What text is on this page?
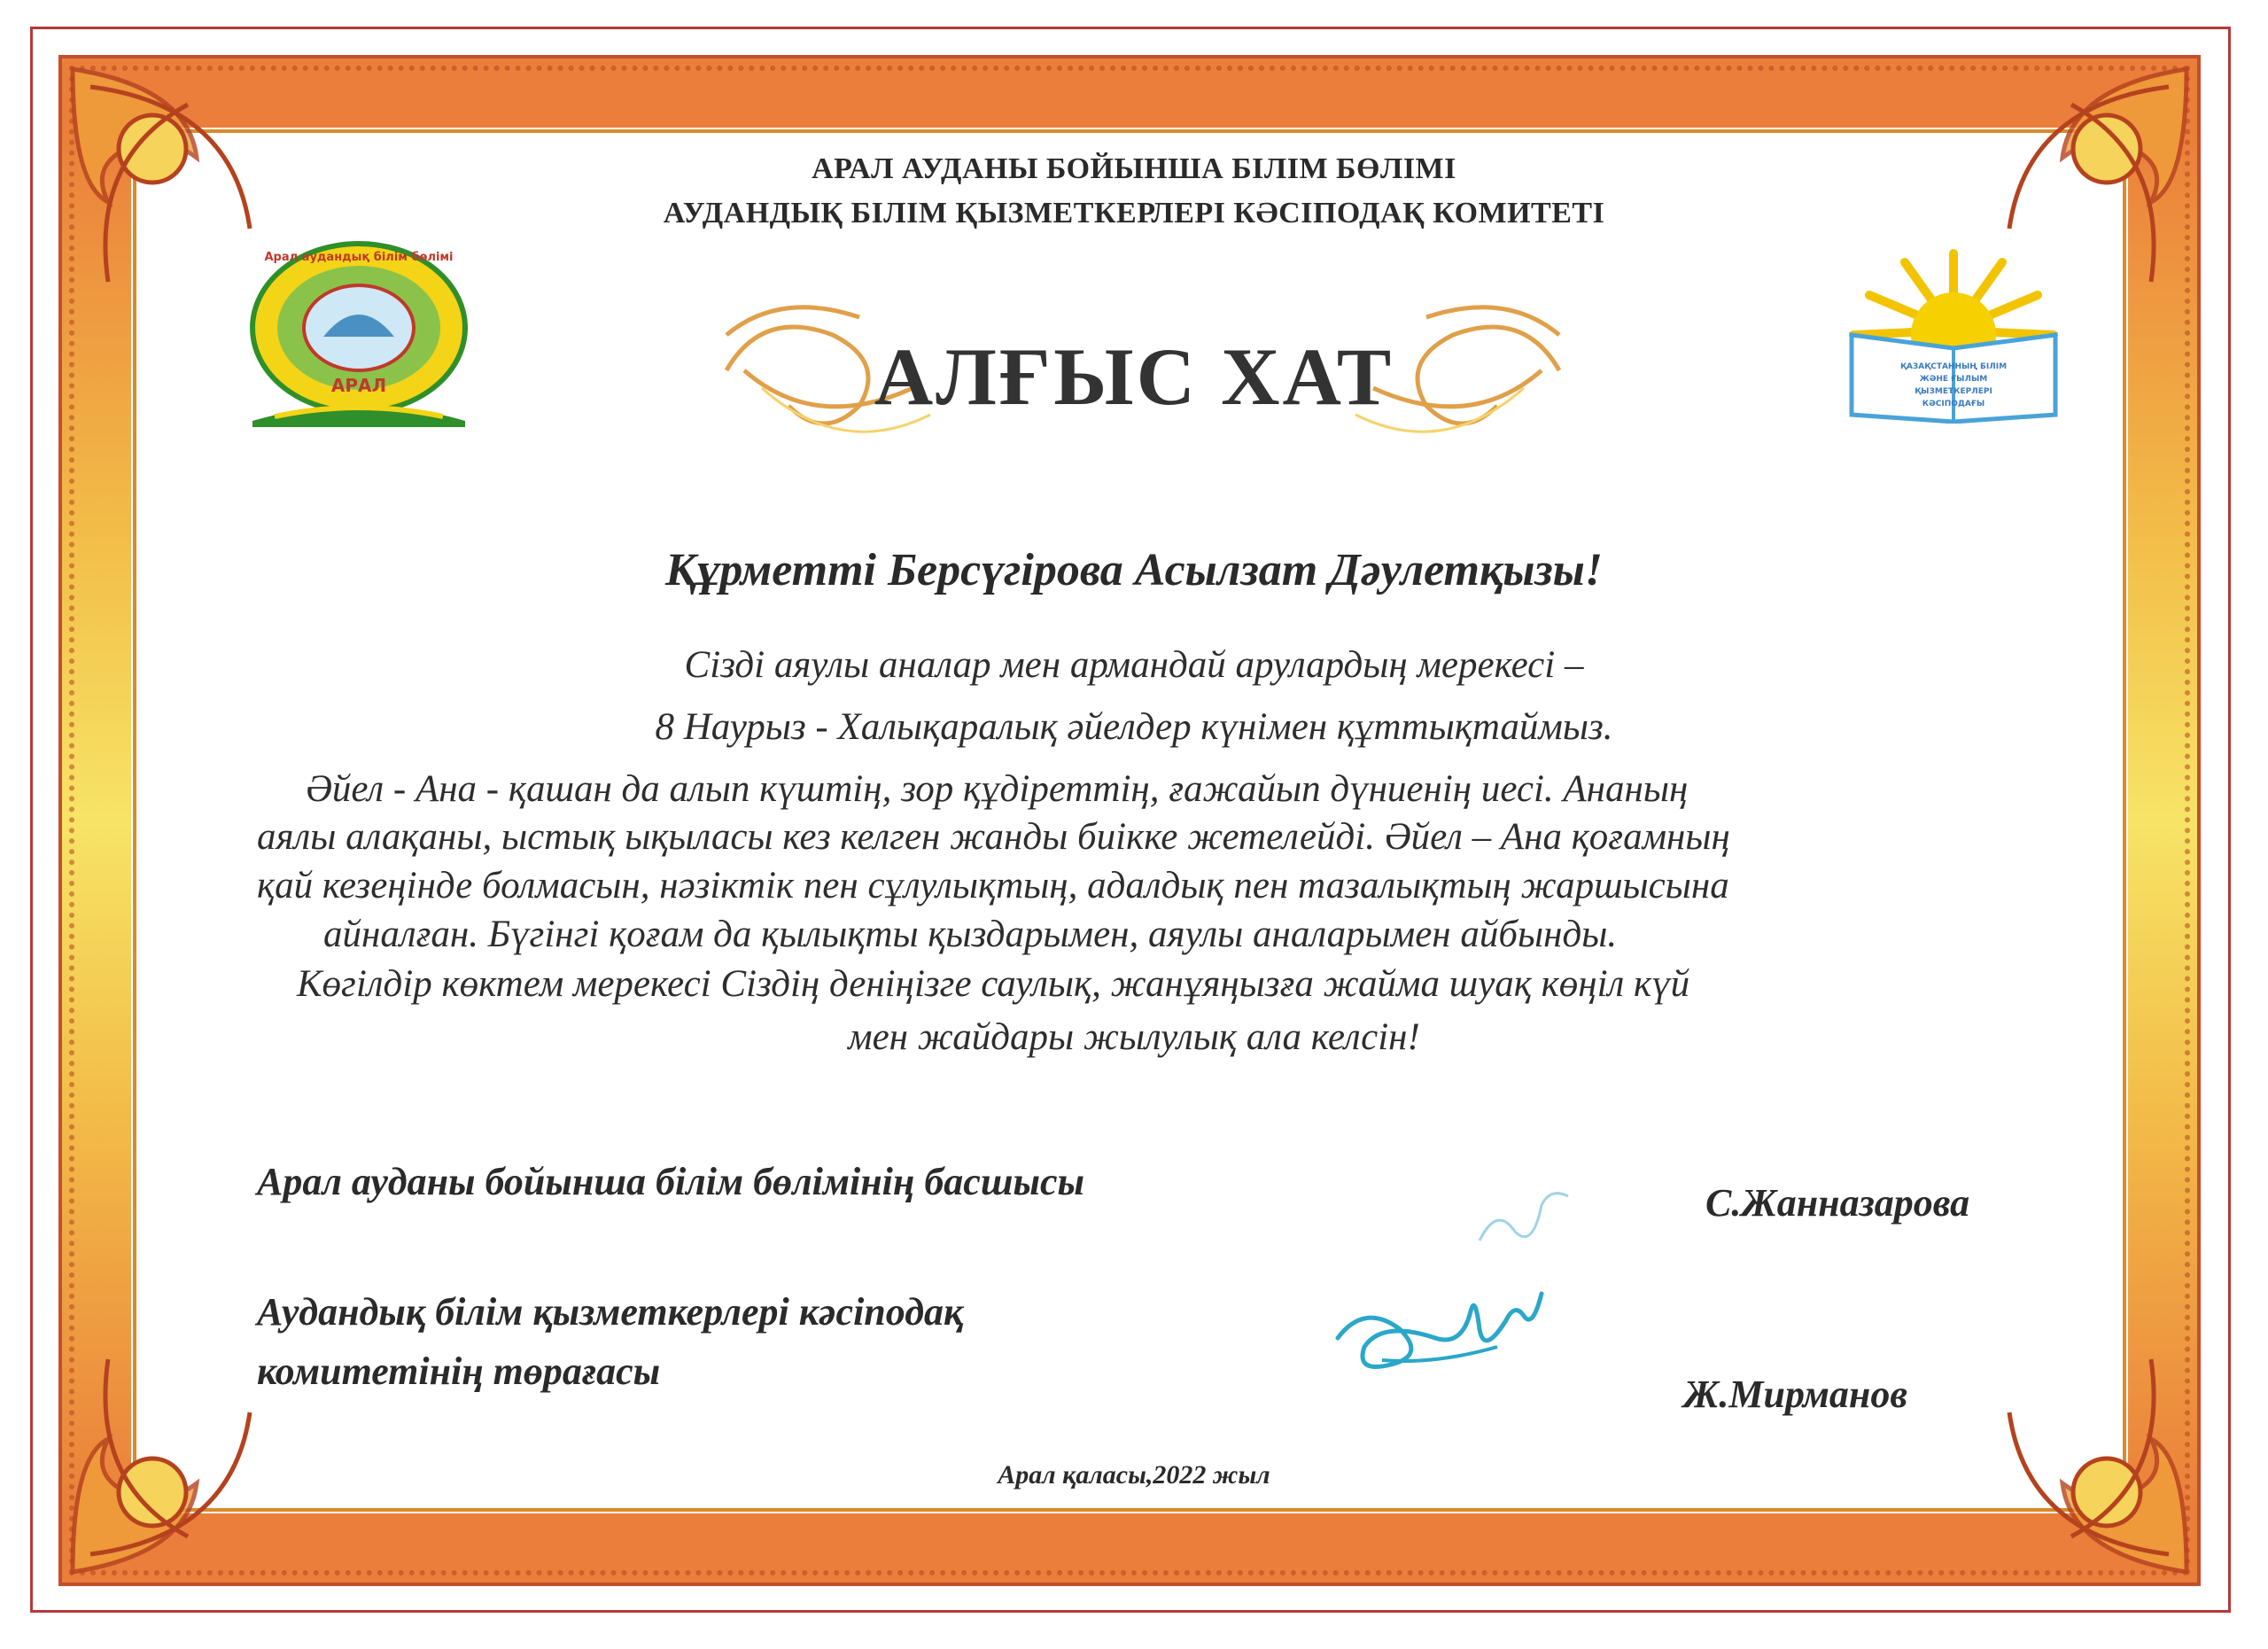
АРАЛ АУДАНЫ БОЙЫНША БІЛІМ БӨЛІМІ
АУДАНДЫҚ БІЛІМ ҚЫЗМЕТКЕРЛЕРІ КӘСІПОДАҚ КОМИТЕТІ
АРАЛ
Арал аудандық білім бөлімі
ҚАЗАҚСТАННЫҢ БІЛІМ
ЖӘНЕ ҒЫЛЫМ
ҚЫЗМЕТКЕРЛЕРІ
КӘСІПОДАҒЫ
АЛҒЫС ХАТ
Құрметті Берсүгірова Асылзат Дәулетқызы!
Сізді аяулы аналар мен армандай арулардың мерекесі –
8 Наурыз - Халықаралық әйелдер күнімен құттықтаймыз.
Әйел - Ана - қашан да алып күштің, зор құдіреттің, ғажайып дүниенің иесі. Ананың
аялы алақаны, ыстық ықыласы кез келген жанды биікке жетелейді. Әйел – Ана қоғамның
қай кезеңінде болмасын, нәзіктік пен сұлулықтың, адалдық пен тазалықтың жаршысына
айналған. Бүгінгі қоғам да қылықты қыздарымен, аяулы аналарымен айбынды.
Көгілдір көктем мерекесі Сіздің деніңізге саулық, жанұяңызға жайма шуақ көңіл күй
мен жайдары жылулық ала келсін!
Арал ауданы бойынша білім бөлімінің басшысы	С.Жанназарова
Аудандық білім қызметкерлері кәсіподақ
комитетінің төрағасы
Ж.Мирманов
Арал қаласы,2022 жыл
